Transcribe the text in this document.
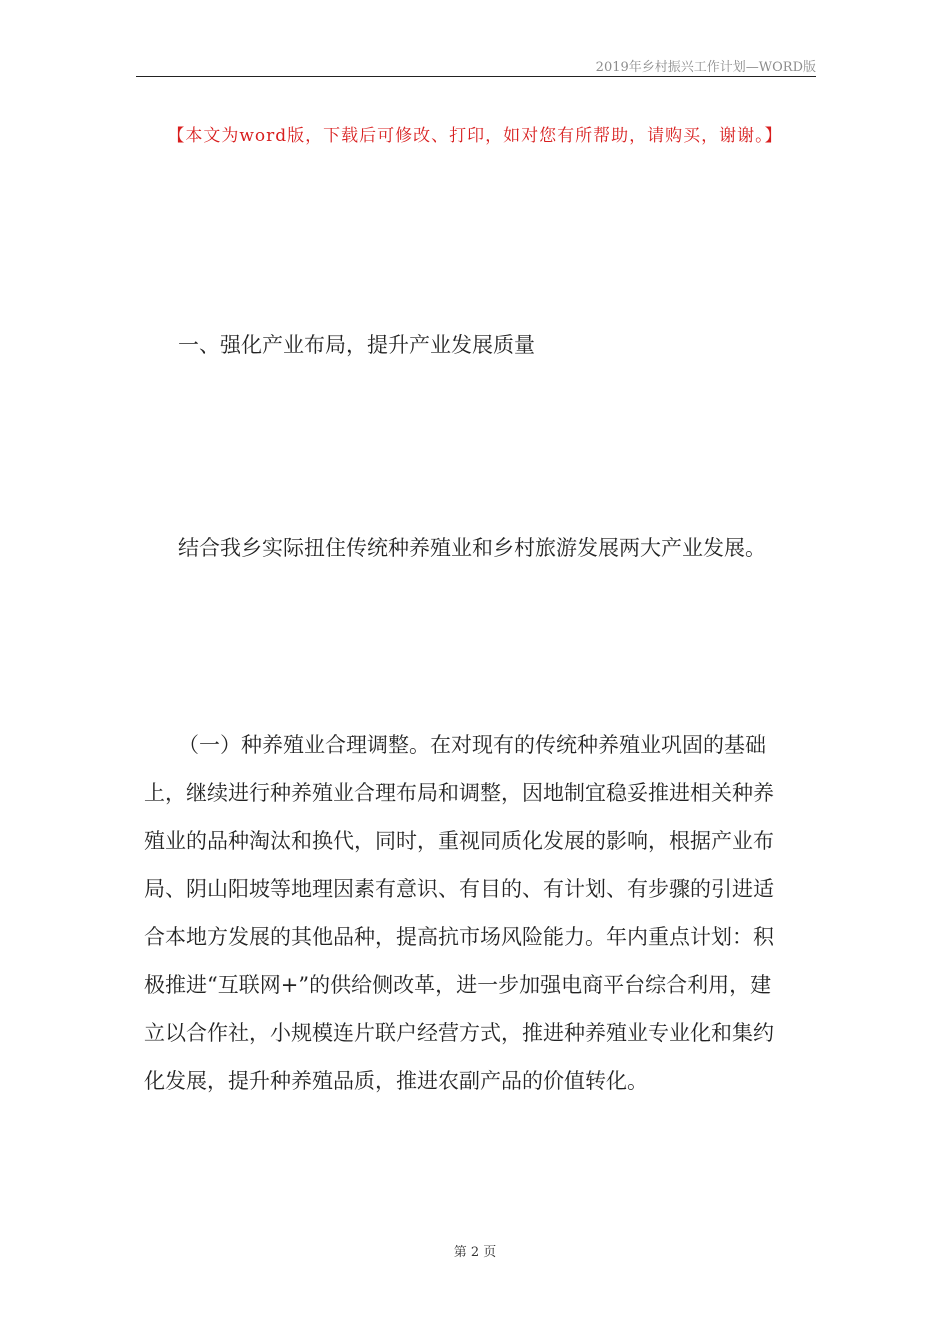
2019年乡村振兴工作计划—WORD版
【本文为word版，下载后可修改、打印，如对您有所帮助，请购买，谢谢。】
一、强化产业布局，提升产业发展质量
结合我乡实际扭住传统种养殖业和乡村旅游发展两大产业发展。
（一）种养殖业合理调整。在对现有的传统种养殖业巩固的基础
上，继续进行种养殖业合理布局和调整，因地制宜稳妥推进相关种养
殖业的品种淘汰和换代，同时，重视同质化发展的影响，根据产业布
局、阴山阳坡等地理因素有意识、有目的、有计划、有步骤的引进适
合本地方发展的其他品种，提高抗市场风险能力。年内重点计划：积
极推进“互联网+”的供给侧改革，进一步加强电商平台综合利用，建
立以合作社，小规模连片联户经营方式，推进种养殖业专业化和集约
化发展，提升种养殖品质，推进农副产品的价值转化。
第 2 页
